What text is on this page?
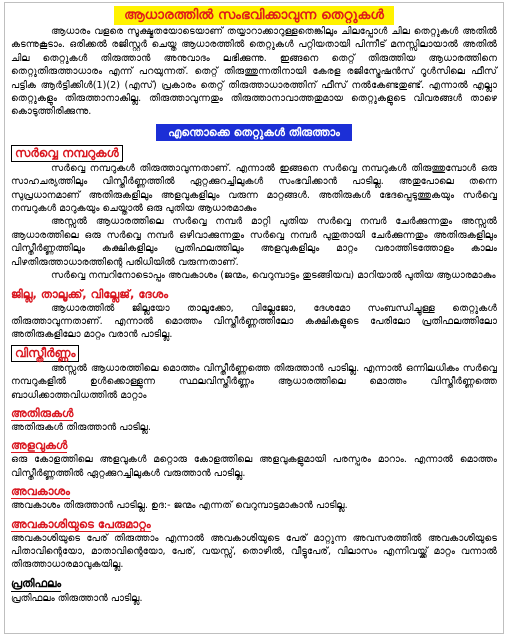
ആധാരത്തിൽ സംഭവിക്കാവുന്ന തെറ്റുകൾ

ആധാരം വളരെ സൂക്ഷ്മതയോടെയാണ് തയ്യാറാക്കാറുള്ളതെങ്കിലും ചിലപ്പോൾ ചില തെറ്റുകൾ അതിൽ കടന്നുകൂടാം. ഒരിക്കൽ രജിസ്റ്റർ ചെയ്ത ആധാരത്തിൽ തെറ്റുകൾ പറ്റിയതായി പിന്നീട് മനസ്സിലായാൽ അതിൽ ചില തെറ്റുകൾ തിരുത്താൻ അനുവാദം ലഭിക്കുന്നു. ഇങ്ങനെ തെറ്റ് തിരുത്തിയ ആധാരത്തിനെ തെറ്റുതിരുത്താധാരം എന്ന് പറയുന്നത്. തെറ്റ് തിരുത്തുന്നതിനായി കേരള രജിസ്ട്രേഷൻസ് റൂൾസിലെ ഫീസ് പട്ടിക ആർട്ടിക്കിൾ(1)(2) (എസ്) പ്രകാരം തെറ്റ് തിരുത്താധാരത്തിന് ഫീസ് നൽകേണ്ടതുണ്ട്. എന്നാൽ എല്ലാ തെറ്റുകളും തിരുത്താനാകില്ല. തിരുത്താവുന്നതും തിരുത്താനാവാത്തതുമായ തെറ്റുകളുടെ വിവരങ്ങൾ താഴെ കൊടുത്തിരിക്കുന്നു.

എന്തൊക്കെ തെറ്റുകൾ തിരുത്താം
സർവ്വെ നമ്പറുകൾ

സർവ്വെ നമ്പറുകൾ തിരുത്താവുന്നതാണ്. എന്നാൽ ഇങ്ങനെ സർവ്വെ നമ്പറുകൾ തിരുത്തുമ്പോൾ ഒരു സാഹചര്യത്തിലും വിസ്തീർണ്ണത്തിൽ ഏറ്റക്കുറച്ചിലുകൾ സംഭവിക്കാൻ പാടില്ല. അതുപോലെ തന്നെ സുപ്രധാനമാണ് അതിരുകളിലും അളവുകളിലും വരുന്ന മാറ്റങ്ങൾ. അതിരുകൾ ഭേദപ്പെടുത്തുകയും സർവ്വെ നമ്പറുകൾ മാറുകയും ചെയ്താൽ ഒരു പുതിയ ആധാരമാകും

അസ്സൽ ആധാരത്തിലെ സർവ്വെ നമ്പർ മാറ്റി പുതിയ സർവ്വെ നമ്പർ ചേർക്കുന്നതും അസ്സൽ ആധാരത്തിലെ ഒരു സർവ്വെ നമ്പർ ഒഴിവാക്കുന്നതും സർവ്വെ നമ്പർ പുതുതായി ചേർക്കുന്നതും അതിരുകളിലും വിസ്തീർണ്ണത്തിലും കക്ഷികളിലും പ്രതിഫലത്തിലും അളവുകളിലും മാറ്റം വരാത്തിടത്തോളം കാലം പിഴതിരുത്താധാരത്തിന്റെ പരിധിയിൽ വരുന്നതാണ്.

സർവ്വെ നമ്പറിനോടൊപ്പം അവകാശം (ജന്മം, വെറുമ്പാട്ടം തുടങ്ങിയവ) മാറിയാൽ പുതിയ ആധാരമാകും

ജില്ല, താലൂക്ക്, വില്ലേജ്, ദേശം

ആധാരത്തിൽ ജില്ലയോ താലൂക്കോ, വില്ലേജോ, ദേശമോ സംബന്ധിച്ചുള്ള തെറ്റുകൾ തിരുത്താവുന്നതാണ്. എന്നാൽ മൊത്തം വിസ്തീർണ്ണത്തിലോ കക്ഷികളുടെ പേരിലോ പ്രതിഫലത്തിലോ അതിരുകളിലോ മാറ്റം വരാൻ പാടില്ല.

വിസ്തീർണ്ണം

അസ്സൽ ആധാരത്തിലെ മൊത്തം വിസ്തീർണ്ണത്തെ തിരുത്താൻ പാടില്ല. എന്നാൽ ഒന്നിലധികം സർവ്വെ നമ്പറുകളിൽ ഉൾക്കൊള്ളുന്ന സ്ഥലവിസ്തീർണ്ണം ആധാരത്തിലെ മൊത്തം വിസ്തീർണ്ണത്തെ ബാധിക്കാത്തവിധത്തിൽ മാറ്റാം

അതിരുകൾ

അതിരുകൾ തിരുത്താൻ പാടില്ല.

അളവുകൾ

ഒരു കോളത്തിലെ അളവുകൾ മറ്റൊരു കോളത്തിലെ അളവുകളുമായി പരസ്പരം മാറാം. എന്നാൽ മൊത്തം വിസ്തീർണ്ണത്തിൽ ഏറ്റക്കുറച്ചിലുകൾ വരുത്താൻ പാടില്ല.

അവകാശം

അവകാശം തിരുത്താൻ പാടില്ല. ഉദ:- ജന്മം എന്നത് വെറുമ്പാട്ടമാകാൻ പാടില്ല.

അവകാശിയുടെ പേരുമാറ്റം

അവകാശിയുടെ പേര് തിരുത്താം എന്നാൽ അവകാശിയുടെ പേര് മാറ്റുന്ന അവസരത്തിൽ അവകാശിയുടെ പിതാവിന്റെയോ, മാതാവിന്റെയോ, പേര്, വയസ്സ്, തൊഴിൽ, വീട്ടുപേര്, വിലാസം എന്നിവയ്ക്ക് മാറ്റം വന്നാൽ തിരുത്താധാരമാവുകയില്ല.

പ്രതിഫലം

പ്രതിഫലം തിരുത്താൻ പാടില്ല.
